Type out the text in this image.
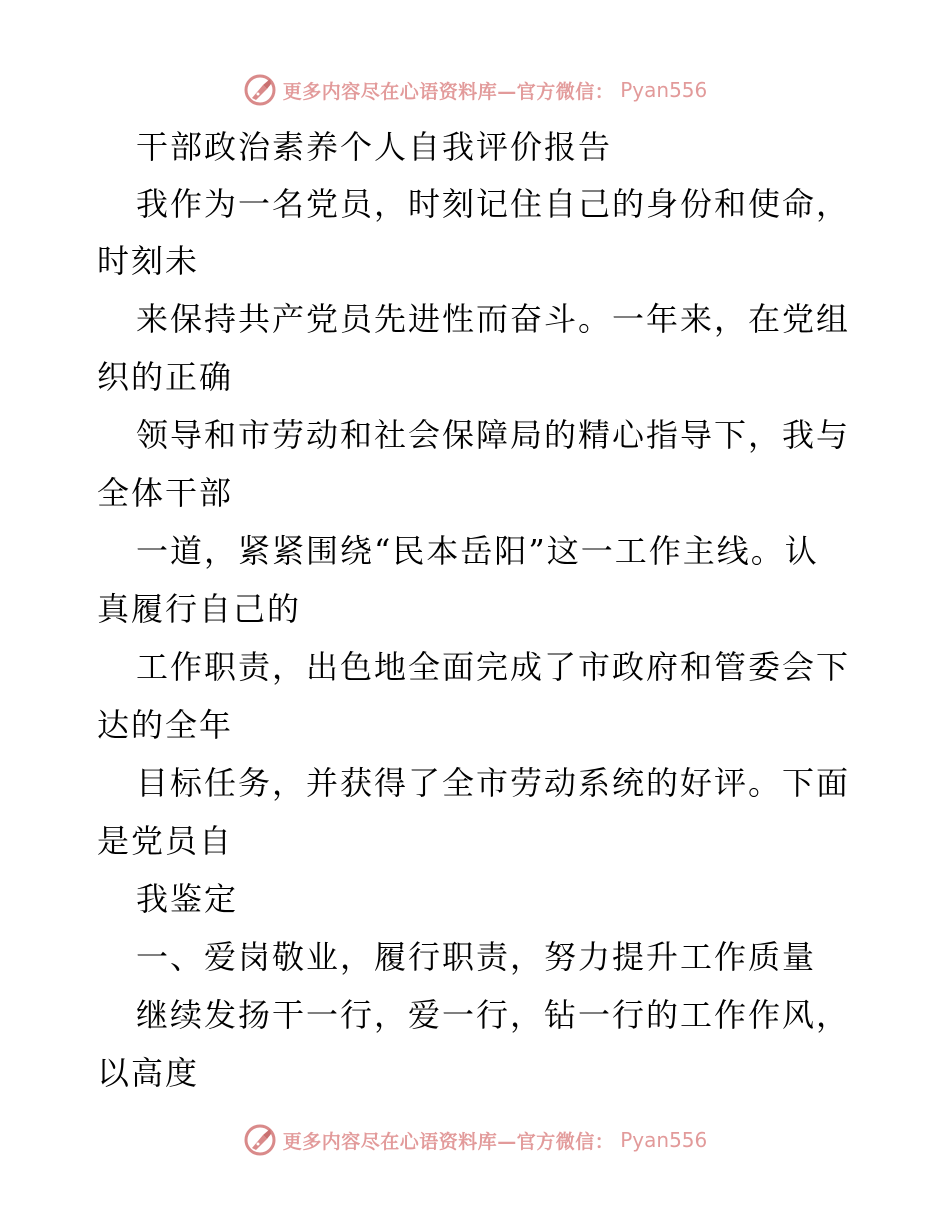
更多内容尽在心语资料库—官方微信： Pyan556
干部政治素养个人自我评价报告
我作为一名党员，时刻记住自己的身份和使命，
时刻未
来保持共产党员先进性而奋斗。一年来，在党组
织的正确
领导和市劳动和社会保障局的精心指导下，我与
全体干部
一道，紧紧围绕“民本岳阳”这一工作主线。认
真履行自己的
工作职责，出色地全面完成了市政府和管委会下
达的全年
目标任务，并获得了全市劳动系统的好评。下面
是党员自
我鉴定
一、爱岗敬业，履行职责，努力提升工作质量
继续发扬干一行，爱一行，钻一行的工作作风，
以高度
更多内容尽在心语资料库—官方微信： Pyan556
